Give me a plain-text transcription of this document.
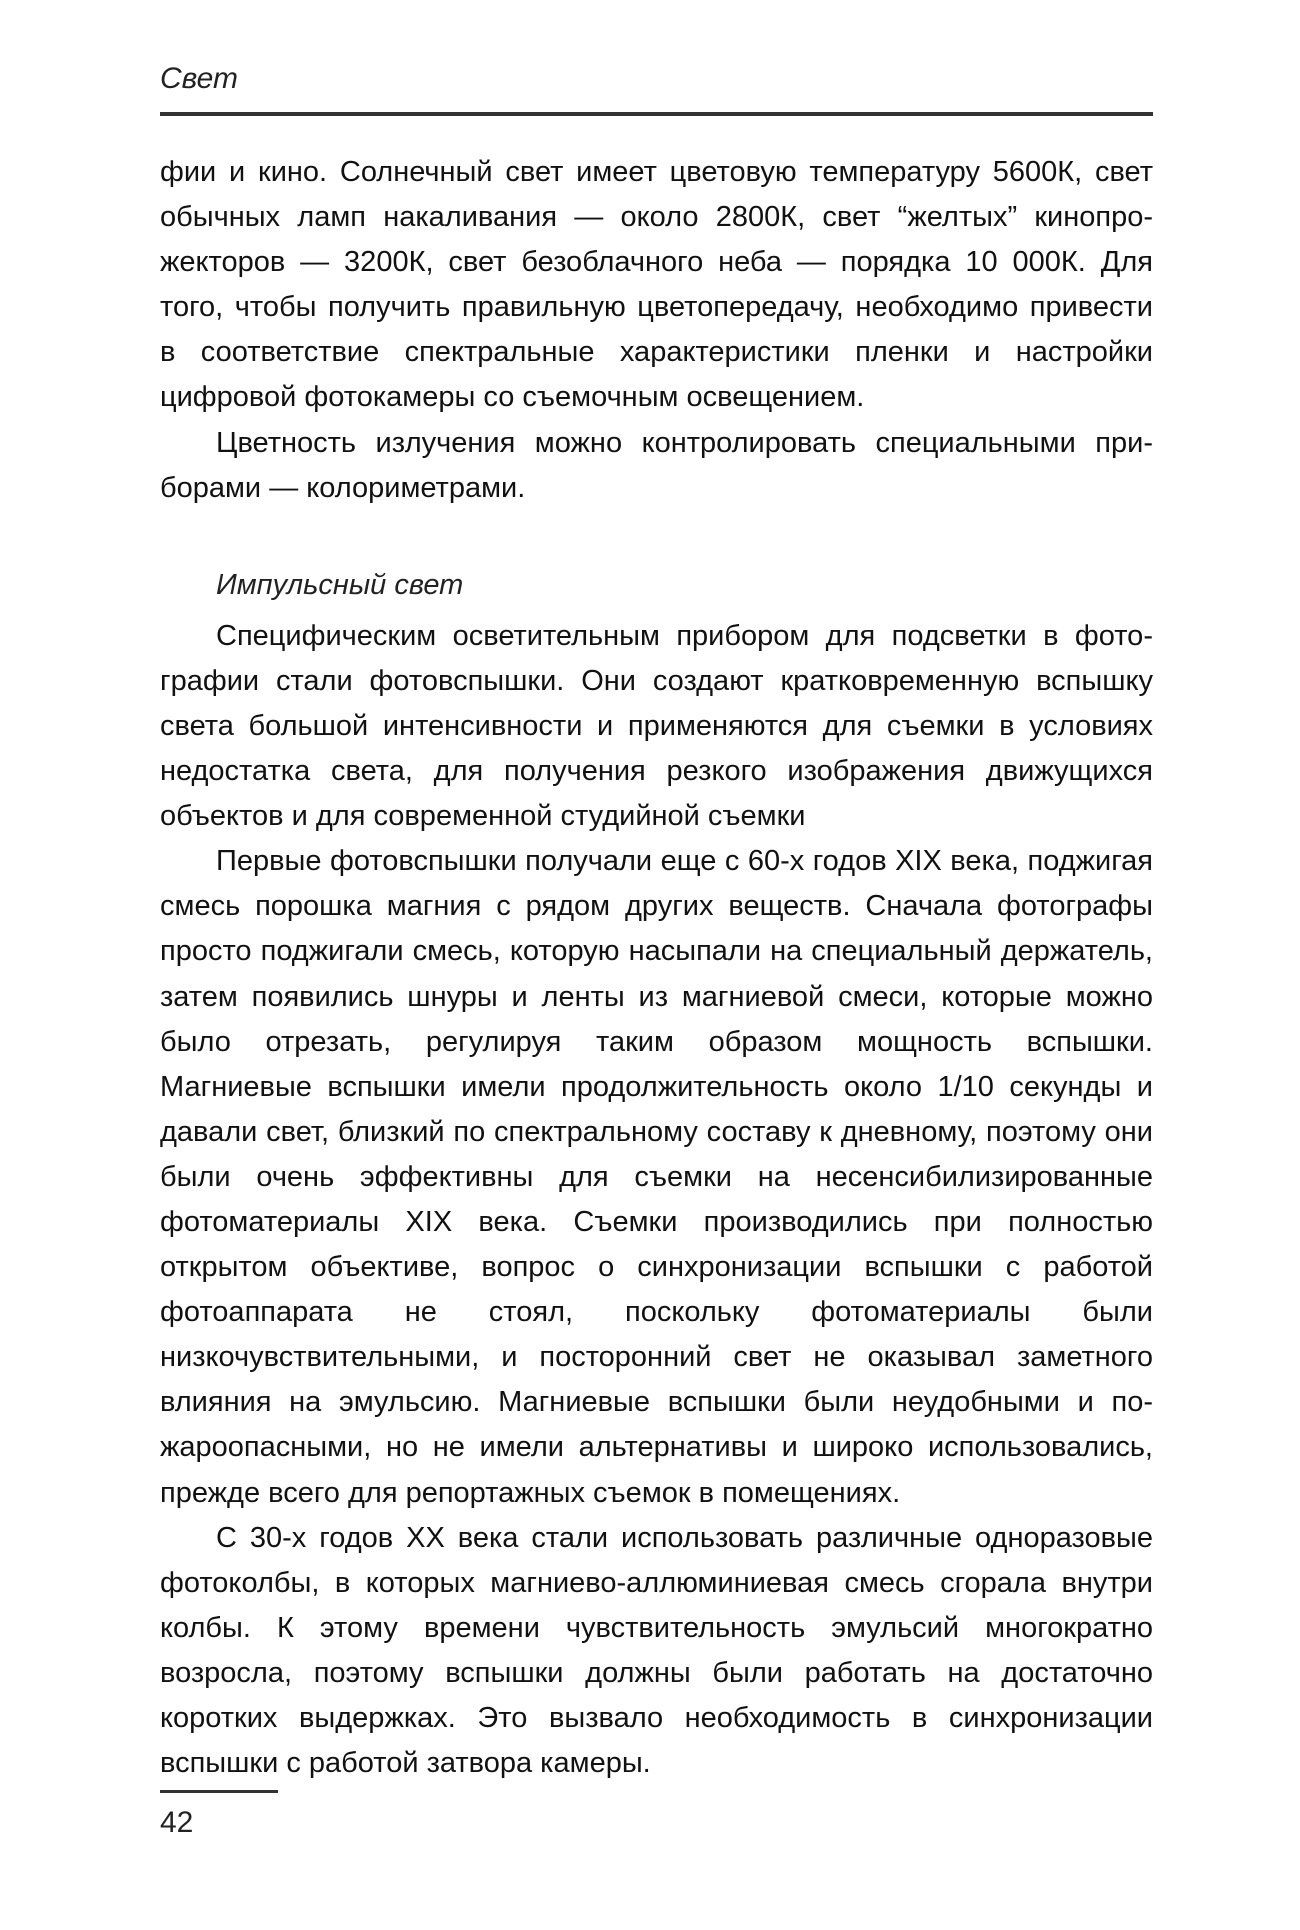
Свет

фии и кино. Солнечный свет имеет цветовую температуру 5600К, свет обычных ламп накаливания — около 2800К, свет “желтых” кинопрожекторов — 3200К, свет безоблачного неба — порядка 10 000К. Для того, чтобы получить правильную цветопередачу, необходимо привести в соответствие спектральные характеристики пленки и настройки цифровой фотокамеры со съемочным освещением.

Цветность излучения можно контролировать специальными приборами — колориметрами.

Импульсный свет

Специфическим осветительным прибором для подсветки в фотографии стали фотовспышки. Они создают кратковременную вспышку света большой интенсивности и применяются для съемки в условиях недостатка света, для получения резкого изображения движущихся объектов и для современной студийной съемки

Первые фотовспышки получали еще с 60-х годов XIX века, поджигая смесь порошка магния с рядом других веществ. Сначала фотографы просто поджигали смесь, которую насыпали на специальный держатель, затем появились шнуры и ленты из магниевой смеси, которые можно было отрезать, регулируя таким образом мощность вспышки. Магниевые вспышки имели продолжительность около 1/10 секунды и давали свет, близкий по спектральному составу к дневному, поэтому они были очень эффективны для съемки на несенсибилизированные фотоматериалы XIX века. Съемки производились при полностью открытом объективе, вопрос о синхронизации вспышки с работой фотоаппарата не стоял, поскольку фотоматериалы были низкочувствительными, и посторонний свет не оказывал заметного влияния на эмульсию. Магниевые вспышки были неудобными и пожароопасными, но не имели альтернативы и широко использовались, прежде всего для репортажных съемок в помещениях.

С 30-х годов XX века стали использовать различные одноразовые фотоколбы, в которых магниево-аллюминиевая смесь сгорала внутри колбы. К этому времени чувствительность эмульсий многократно возросла, поэтому вспышки должны были работать на достаточно коротких выдержках. Это вызвало необходимость в синхронизации вспышки с работой затвора камеры.

42
